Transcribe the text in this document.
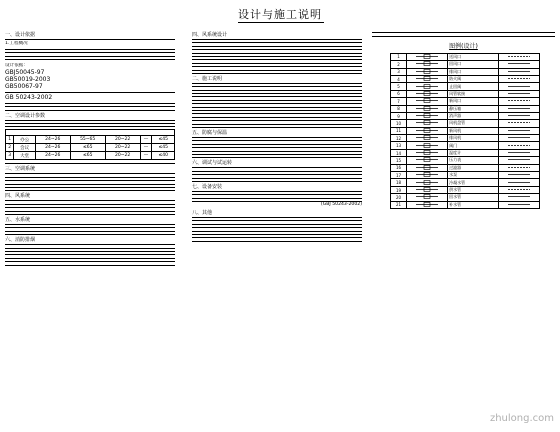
设计与施工说明
一、设计依据
1.工程概况
设计依据：
GBJ50045-97
GB50019-2003
GB50067-97
GB 50243-2002
二、空调设计参数

1	办公	24~26	55~65	20~22	—	≤45
2	会议	24~26	≤65	20~22	—	≤45
3	大堂	24~26	≤65	20~22	—	≤40
三、空调系统
四、风系统
五、水系统
六、消防排烟
四、风系统设计
二、施工说明
五、防腐与保温
六、调试与试运转
七、设备安装
(GBJ 50243-2002)
八、其他
图例(设计)
1		送风口	
2		回风口	
3		排风口	
4		防火阀	
5		止回阀	
6		风管软接	
7		新风口	
8		静压箱	
9		消声器	
10		风机盘管	
11		新风机	
12		排风机	
13		阀门	
14		温度计	
15		压力表	
16		过滤器	
17		水泵	
18		冷凝水管	
19		供水管	
20		回水管	
21		补水管	
zhulong.com
